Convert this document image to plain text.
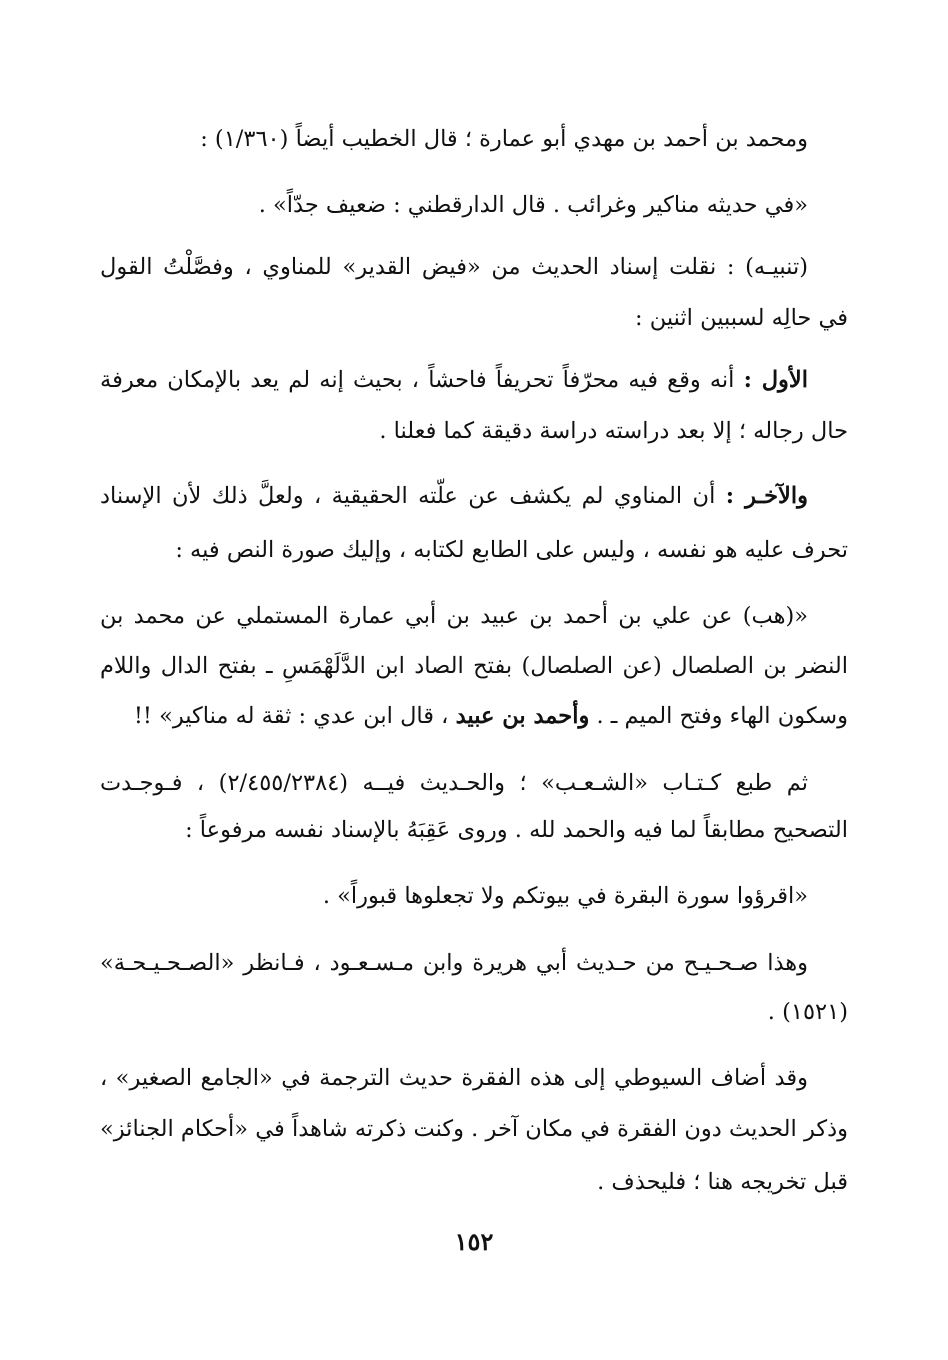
ومحمد بن أحمد بن مهدي أبو عمارة ؛ قال الخطيب أيضاً (١/٣٦٠) :
«في حديثه مناكير وغرائب . قال الدارقطني : ضعيف جدّاً» .
(تنبيـه) : نقلت إسناد الحديث من «فيض القدير» للمناوي ، وفصَّلْتُ القول
في حالِه لسببين اثنين :
الأول : أنه وقع فيه محرّفاً تحريفاً فاحشاً ، بحيث إنه لم يعد بالإمكان معرفة
حال رجاله ؛ إلا بعد دراسته دراسة دقيقة كما فعلنا .
والآخـر : أن المناوي لم يكشف عن علّته الحقيقية ، ولعلَّ ذلك لأن الإسناد
تحرف عليه هو نفسه ، وليس على الطابع لكتابه ، وإليك صورة النص فيه :
«(هب) عن علي بن أحمد بن عبيد بن أبي عمارة المستملي عن محمد بن
النضر بن الصلصال (عن الصلصال) بفتح الصاد ابن الدَّلَهْمَسِ ـ بفتح الدال واللام
وسكون الهاء وفتح الميم ـ . وأحمد بن عبيد ، قال ابن عدي : ثقة له مناكير» !!
ثم طبع كـتـاب «الشـعـب» ؛ والحـديث فيــه (٢/٤٥٥/٢٣٨٤) ، فـوجـدت
التصحيح مطابقاً لما فيه والحمد لله . وروى عَقِبَهُ بالإسناد نفسه مرفوعاً :
«اقرؤوا سورة البقرة في بيوتكم ولا تجعلوها قبوراً» .
وهذا صـحـيـح من حـديث أبي هريرة وابن مـسـعـود ، فـانظر «الصـحـيـحـة»
(١٥٢١) .
وقد أضاف السيوطي إلى هذه الفقرة حديث الترجمة في «الجامع الصغير» ،
وذكر الحديث دون الفقرة في مكان آخر . وكنت ذكرته شاهداً في «أحكام الجنائز»
قبل تخريجه هنا ؛ فليحذف .
١٥٢
